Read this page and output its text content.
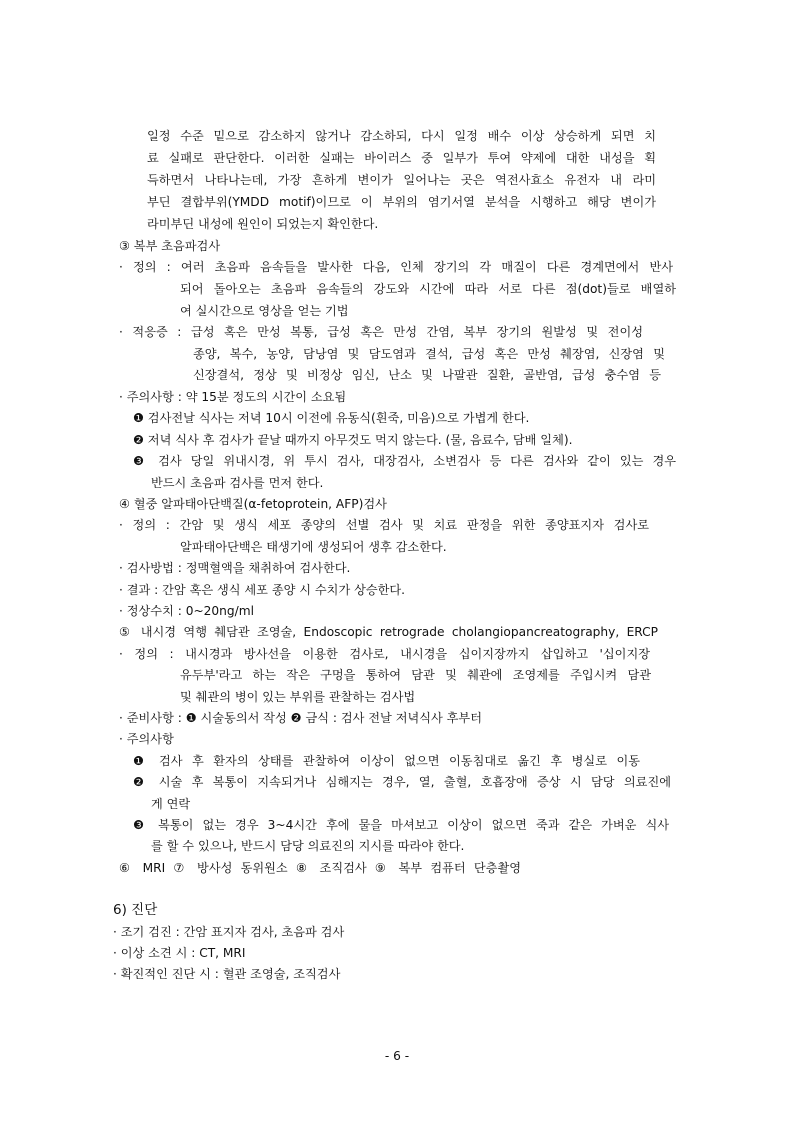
일정 수준 밑으로 감소하지 않거나 감소하되, 다시 일정 배수 이상 상승하게 되면 치
료 실패로 판단한다. 이러한 실패는 바이러스 중 일부가 투여 약제에 대한 내성을 획
득하면서 나타나는데, 가장 흔하게 변이가 일어나는 곳은 역전사효소 유전자 내 라미
부딘 결합부위(YMDD motif)이므로 이 부위의 염기서열 분석을 시행하고 해당 변이가
라미부딘 내성에 원인이 되었는지 확인한다.
③ 복부 초음파검사
· 정의 : 여러 초음파 음속들을 발사한 다음, 인체 장기의 각 매질이 다른 경계면에서 반사
되어 돌아오는 초음파 음속들의 강도와 시간에 따라 서로 다른 점(dot)들로 배열하
여 실시간으로 영상을 얻는 기법
· 적응증 : 급성 혹은 만성 복통, 급성 혹은 만성 간염, 복부 장기의 원발성 및 전이성
종양, 복수, 농양, 담낭염 및 담도염과 결석, 급성 혹은 만성 췌장염, 신장염 및
신장결석, 정상 및 비정상 임신, 난소 및 나팔관 질환, 골반염, 급성 충수염 등
· 주의사항 : 약 15분 정도의 시간이 소요됨
❶ 검사전날 식사는 저녁 10시 이전에 유동식(흰죽, 미음)으로 가볍게 한다.
❷ 저녁 식사 후 검사가 끝날 때까지 아무것도 먹지 않는다. (물, 음료수, 담배 일체).
❸ 검사 당일 위내시경, 위 투시 검사, 대장검사, 소변검사 등 다른 검사와 같이 있는 경우
반드시 초음파 검사를 먼저 한다.
④ 혈중 알파태아단백질(α-fetoprotein, AFP)검사
· 정의 : 간암 및 생식 세포 종양의 선별 검사 및 치료 판정을 위한 종양표지자 검사로
알파태아단백은 태생기에 생성되어 생후 감소한다.
· 검사방법 : 정맥혈액을 채취하여 검사한다.
· 결과 : 간암 혹은 생식 세포 종양 시 수치가 상승한다.
· 정상수치 : 0~20ng/ml
⑤ 내시경 역행 췌담관 조영술, Endoscopic retrograde cholangiopancreatography, ERCP
· 정의 : 내시경과 방사선을 이용한 검사로, 내시경을 십이지장까지 삽입하고 '십이지장
유두부'라고 하는 작은 구멍을 통하여 담관 및 췌관에 조영제를 주입시켜 담관
및 췌관의 병이 있는 부위를 관찰하는 검사법
· 준비사항 : ❶ 시술동의서 작성 ❷ 금식 : 검사 전날 저녁식사 후부터
· 주의사항
❶ 검사 후 환자의 상태를 관찰하여 이상이 없으면 이동침대로 옮긴 후 병실로 이동
❷ 시술 후 복통이 지속되거나 심해지는 경우, 열, 출혈, 호흡장애 증상 시 담당 의료진에
게 연락
❸ 복통이 없는 경우 3~4시간 후에 물을 마셔보고 이상이 없으면 죽과 같은 가벼운 식사
를 할 수 있으나, 반드시 담당 의료진의 지시를 따라야 한다.
⑥ MRI ⑦ 방사성 동위원소 ⑧ 조직검사 ⑨ 복부 컴퓨터 단층촬영
6) 진단
· 조기 검진 : 간암 표지자 검사, 초음파 검사
· 이상 소견 시 : CT, MRI
· 확진적인 진단 시 : 혈관 조영술, 조직검사
- 6 -
